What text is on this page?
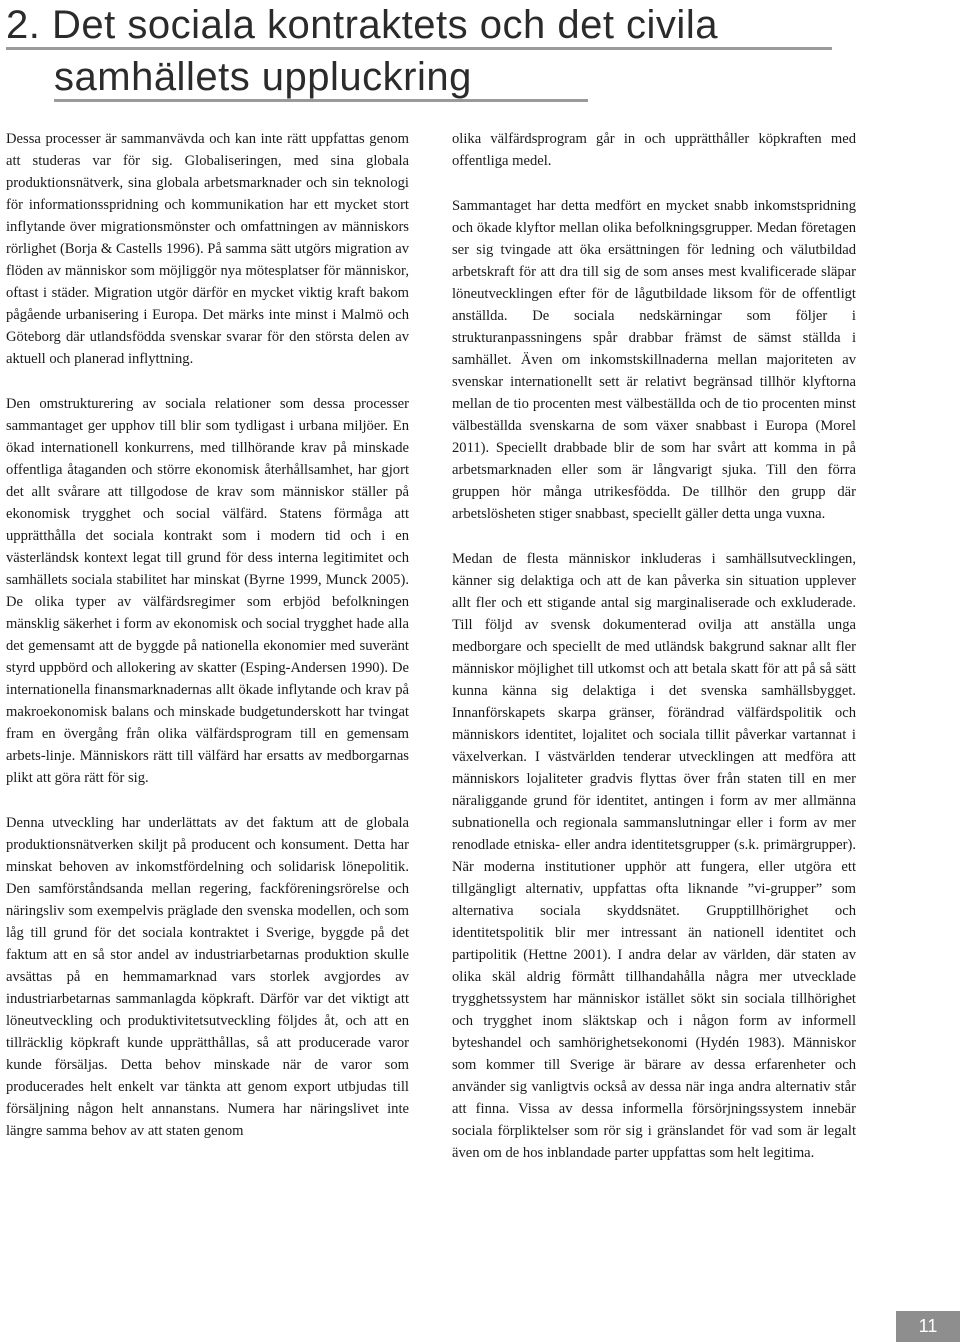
2. Det sociala kontraktets och det civila
samhällets uppluckring

Dessa processer är sammanvävda och kan inte rätt uppfattas genom att studeras var för sig. Globaliseringen, med sina globala produktionsnätverk, sina globala arbetsmarknader och sin teknologi för informationsspridning och kommunikation har ett mycket stort inflytande över migrationsmönster och omfattningen av människors rörlighet (Borja & Castells 1996). På samma sätt utgörs migration av flöden av människor som möjliggör nya mötesplatser för människor, oftast i städer. Migration utgör därför en mycket viktig kraft bakom pågående urbanisering i Europa. Det märks inte minst i Malmö och Göteborg där utlandsfödda svenskar svarar för den största delen av aktuell och planerad inflyttning.

Den omstrukturering av sociala relationer som dessa processer sammantaget ger upphov till blir som tydligast i urbana miljöer. En ökad internationell konkurrens, med tillhörande krav på minskade offentliga åtaganden och större ekonomisk återhållsamhet, har gjort det allt svårare att tillgodose de krav som människor ställer på ekonomisk trygghet och social välfärd. Statens förmåga att upprätthålla det sociala kontrakt som i modern tid och i en västerländsk kontext legat till grund för dess interna legitimitet och samhällets sociala stabilitet har minskat (Byrne 1999, Munck 2005). De olika typer av välfärdsregimer som erbjöd befolkningen mänsklig säkerhet i form av ekonomisk och social trygghet hade alla det gemensamt att de byggde på nationella ekonomier med suveränt styrd uppbörd och allokering av skatter (Esping-Andersen 1990). De internationella finansmarknadernas allt ökade inflytande och krav på makroekonomisk balans och minskade budgetunderskott har tvingat fram en övergång från olika välfärdsprogram till en gemensam arbets-linje. Människors rätt till välfärd har ersatts av medborgarnas plikt att göra rätt för sig.

Denna utveckling har underlättats av det faktum att de globala produktionsnätverken skiljt på producent och konsument. Detta har minskat behoven av inkomstfördelning och solidarisk lönepolitik. Den samförståndsanda mellan regering, fackföreningsrörelse och näringsliv som exempelvis präglade den svenska modellen, och som låg till grund för det sociala kontraktet i Sverige, byggde på det faktum att en så stor andel av industriarbetarnas produktion skulle avsättas på en hemmamarknad vars storlek avgjordes av industriarbetarnas sammanlagda köpkraft. Därför var det viktigt att löneutveckling och produktivitetsutveckling följdes åt, och att en tillräcklig köpkraft kunde upprätthållas, så att producerade varor kunde försäljas. Detta behov minskade när de varor som producerades helt enkelt var tänkta att genom export utbjudas till försäljning någon helt annanstans. Numera har näringslivet inte längre samma behov av att staten genom

olika välfärdsprogram går in och upprätthåller köpkraften med offentliga medel.

Sammantaget har detta medfört en mycket snabb inkomstspridning och ökade klyftor mellan olika befolkningsgrupper. Medan företagen ser sig tvingade att öka ersättningen för ledning och välutbildad arbetskraft för att dra till sig de som anses mest kvalificerade släpar löneutvecklingen efter för de lågutbildade liksom för de offentligt anställda. De sociala nedskärningar som följer i strukturanpassningens spår drabbar främst de sämst ställda i samhället. Även om inkomstskillnaderna mellan majoriteten av svenskar internationellt sett är relativt begränsad tillhör klyftorna mellan de tio procenten mest välbeställda och de tio procenten minst välbeställda svenskarna de som växer snabbast i Europa (Morel 2011). Speciellt drabbade blir de som har svårt att komma in på arbetsmarknaden eller som är långvarigt sjuka. Till den förra gruppen hör många utrikesfödda. De tillhör den grupp där arbetslösheten stiger snabbast, speciellt gäller detta unga vuxna.

Medan de flesta människor inkluderas i samhällsutvecklingen, känner sig delaktiga och att de kan påverka sin situation upplever allt fler och ett stigande antal sig marginaliserade och exkluderade. Till följd av svensk dokumenterad ovilja att anställa unga medborgare och speciellt de med utländsk bakgrund saknar allt fler människor möjlighet till utkomst och att betala skatt för att på så sätt kunna känna sig delaktiga i det svenska samhällsbygget. Innanförskapets skarpa gränser, förändrad välfärdspolitik och människors identitet, lojalitet och sociala tillit påverkar vartannat i växelverkan. I västvärlden tenderar utvecklingen att medföra att människors lojaliteter gradvis flyttas över från staten till en mer näraliggande grund för identitet, antingen i form av mer allmänna subnationella och regionala sammanslutningar eller i form av mer renodlade etniska- eller andra identitetsgrupper (s.k. primärgrupper). När moderna institutioner upphör att fungera, eller utgöra ett tillgängligt alternativ, uppfattas ofta liknande ”vi-grupper” som alternativa sociala skyddsnätet. Grupptillhörighet och identitetspolitik blir mer intressant än nationell identitet och partipolitik (Hettne 2001). I andra delar av världen, där staten av olika skäl aldrig förmått tillhandahålla några mer utvecklade trygghetssystem har människor istället sökt sin sociala tillhörighet och trygghet inom släktskap och i någon form av informell byteshandel och samhörighetsekonomi (Hydén 1983). Människor som kommer till Sverige är bärare av dessa erfarenheter och använder sig vanligtvis också av dessa när inga andra alternativ står att finna. Vissa av dessa informella försörjningssystem innebär sociala förpliktelser som rör sig i gränslandet för vad som är legalt även om de hos inblandade parter uppfattas som helt legitima.

11
